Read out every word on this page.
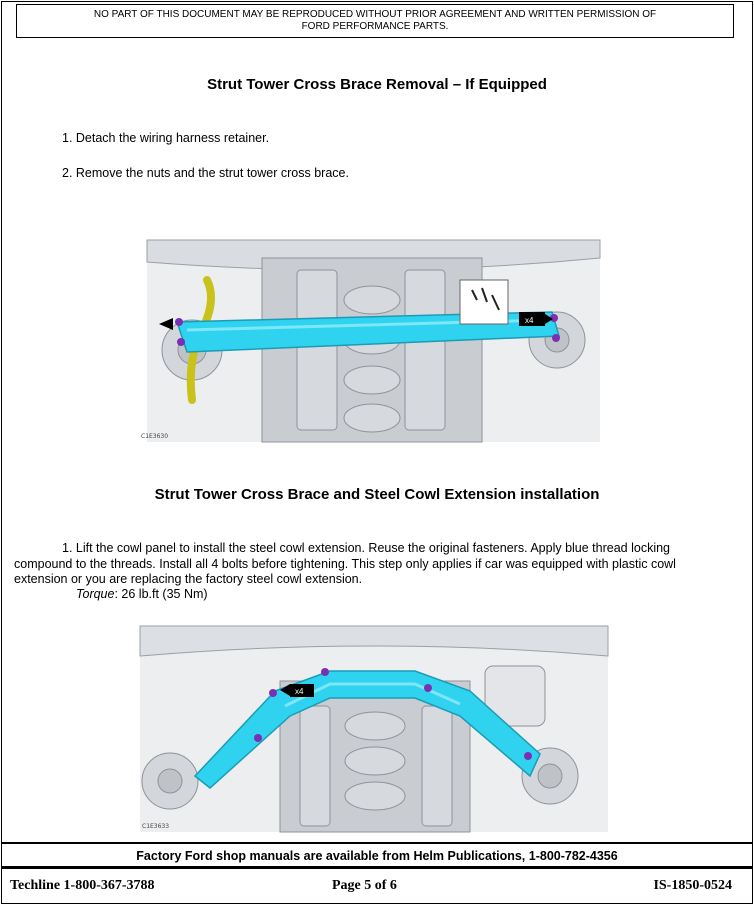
NO PART OF THIS DOCUMENT MAY BE REPRODUCED WITHOUT PRIOR AGREEMENT AND WRITTEN PERMISSION OF
FORD PERFORMANCE PARTS.
Strut Tower Cross Brace Removal – If Equipped
1. Detach the wiring harness retainer.
2. Remove the nuts and the strut tower cross brace.
x4
C1E3630
Strut Tower Cross Brace and Steel Cowl Extension installation
1. Lift the cowl panel to install the steel cowl extension. Reuse the original fasteners. Apply blue thread locking compound to the threads. Install all 4 bolts before tightening. This step only applies if car was equipped with plastic cowl extension or you are replacing the factory steel cowl extension.
Torque: 26 lb.ft (35 Nm)
x4
C1E3633
Factory Ford shop manuals are available from Helm Publications, 1-800-782-4356
Techline 1-800-367-3788	Page 5 of 6	IS-1850-0524
